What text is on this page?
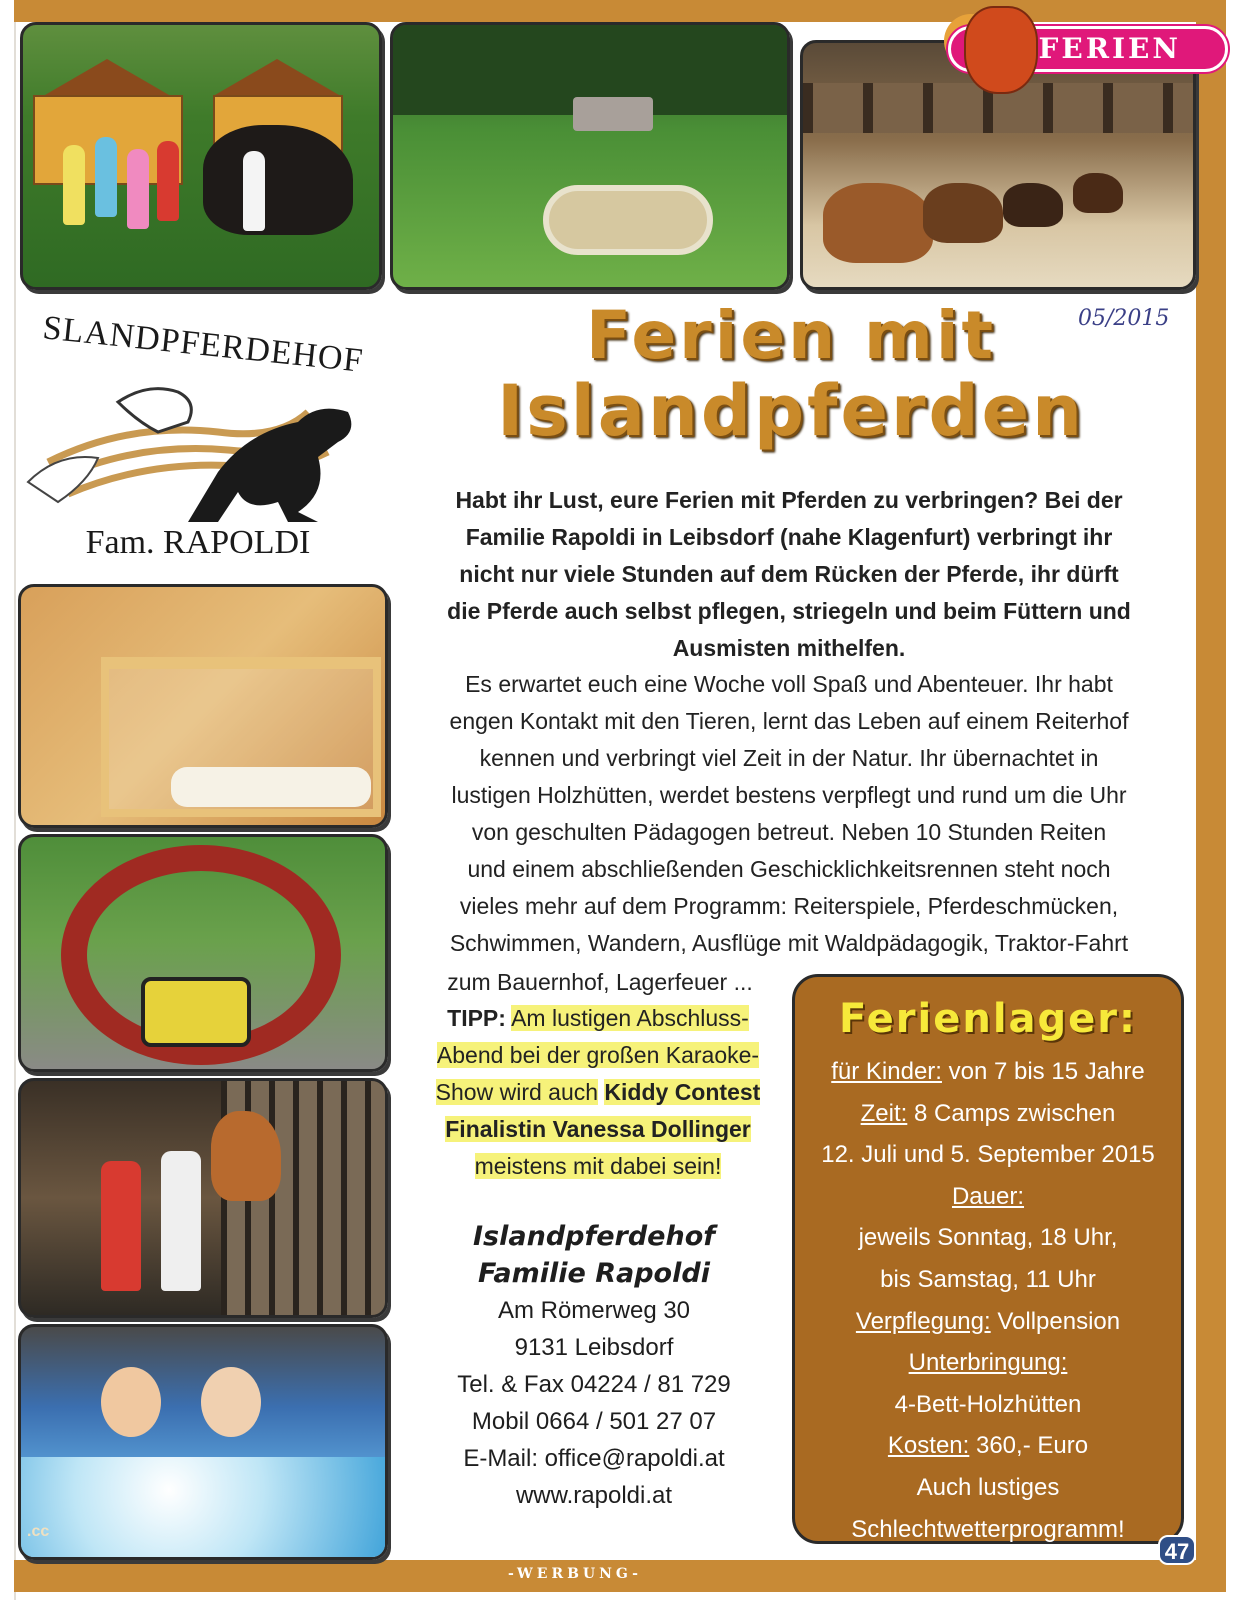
FERIEN
05/2015
SLANDPFERDEHOF
Fam. RAPOLDI
Ferien mit
Islandpferden
Habt ihr Lust, eure Ferien mit Pferden zu verbringen? Bei der
Familie Rapoldi in Leibsdorf (nahe Klagenfurt) verbringt ihr
nicht nur viele Stunden auf dem Rücken der Pferde, ihr dürft
die Pferde auch selbst pflegen, striegeln und beim Füttern und
Ausmisten mithelfen.
Es erwartet euch eine Woche voll Spaß und Abenteuer. Ihr habt
engen Kontakt mit den Tieren, lernt das Leben auf einem Reiterhof
kennen und verbringt viel Zeit in der Natur. Ihr übernachtet in
lustigen Holzhütten, werdet bestens verpflegt und rund um die Uhr
von geschulten Pädagogen betreut. Neben 10 Stunden Reiten
und einem abschließenden Geschicklichkeitsrennen steht noch
vieles mehr auf dem Programm: Reiterspiele, Pferdeschmücken,
Schwimmen, Wandern, Ausflüge mit Waldpädagogik, Traktor-Fahrt
zum Bauernhof, Lagerfeuer ...
TIPP: Am lustigen Abschluss-
Abend bei der großen Karaoke-
Show wird auch Kiddy Contest
Finalistin Vanessa Dollinger
meistens mit dabei sein!
Islandpferdehof
Familie Rapoldi
Am Römerweg 30
9131 Leibsdorf
Tel. & Fax 04224 / 81 729
Mobil 0664 / 501 27 07
E-Mail: office@rapoldi.at
www.rapoldi.at
Ferienlager:
für Kinder: von 7 bis 15 Jahre
Zeit: 8 Camps zwischen
12. Juli und 5. September 2015
Dauer:
jeweils Sonntag, 18 Uhr,
bis Samstag, 11 Uhr
Verpflegung: Vollpension
Unterbringung:
4-Bett-Holzhütten
Kosten: 360,- Euro
Auch lustiges
Schlechtwetterprogramm!
.cc
-WERBUNG-
47
